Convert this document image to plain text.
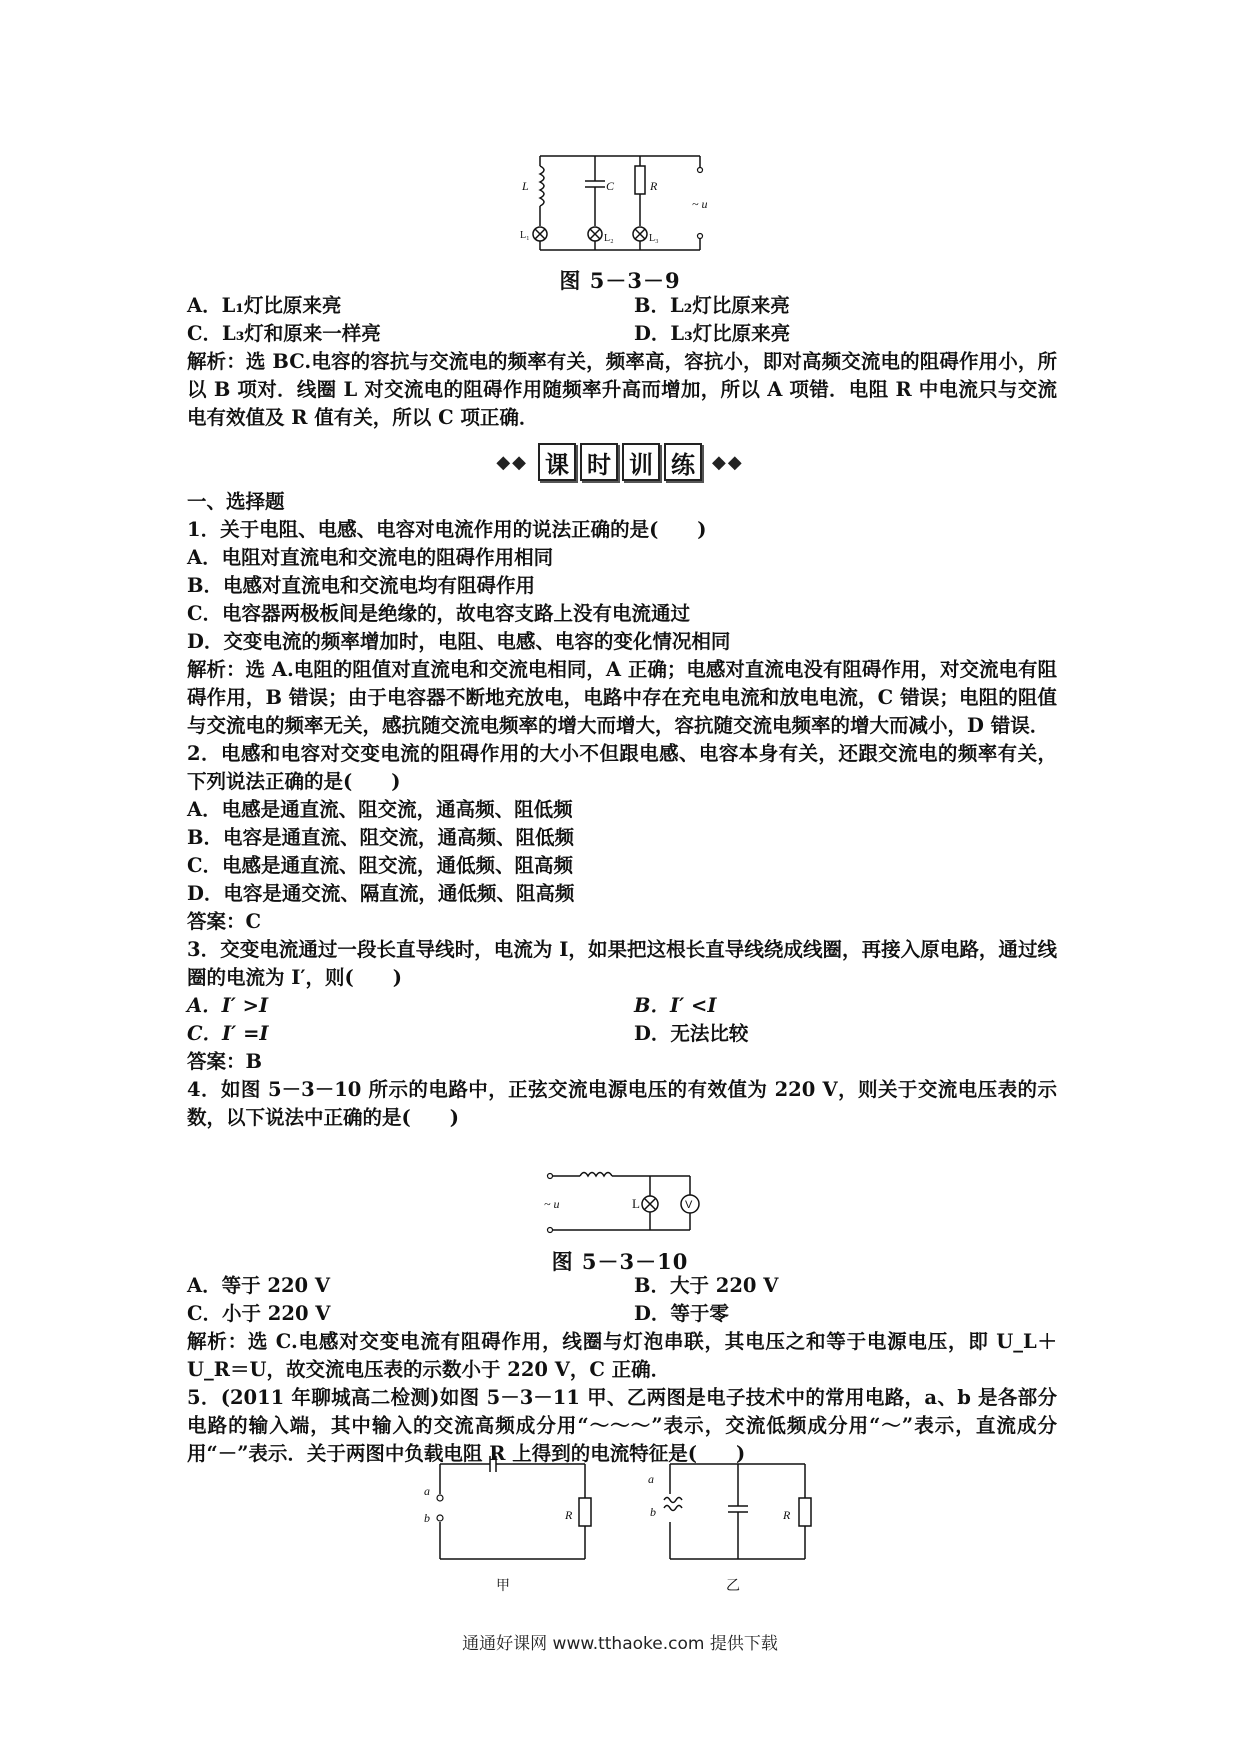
L	C	R
~ u
L₁	L₂	L₃
图 5－3－9
A．L₁灯比原来亮	B．L₂灯比原来亮
C．L₃灯和原来一样亮	D．L₃灯比原来亮
解析：选 BC.电容的容抗与交流电的频率有关，频率高，容抗小，即对高频交流电的阻碍作用小，所以 B 项对．线圈 L 对交流电的阻碍作用随频率升高而增加，所以 A 项错．电阻 R 中电流只与交流电有效值及 R 值有关，所以 C 项正确．
◆◆ 课 时 训 练 ◆◆
一、选择题
1．关于电阻、电感、电容对电流作用的说法正确的是(　　)
A．电阻对直流电和交流电的阻碍作用相同
B．电感对直流电和交流电均有阻碍作用
C．电容器两极板间是绝缘的，故电容支路上没有电流通过
D．交变电流的频率增加时，电阻、电感、电容的变化情况相同
解析：选 A.电阻的阻值对直流电和交流电相同，A 正确；电感对直流电没有阻碍作用，对交流电有阻碍作用，B 错误；由于电容器不断地充放电，电路中存在充电电流和放电电流，C 错误；电阻的阻值与交流电的频率无关，感抗随交流电频率的增大而增大，容抗随交流电频率的增大而减小，D 错误．
2．电感和电容对交变电流的阻碍作用的大小不但跟电感、电容本身有关，还跟交流电的频率有关，下列说法正确的是(　　)
A．电感是通直流、阻交流，通高频、阻低频
B．电容是通直流、阻交流，通高频、阻低频
C．电感是通直流、阻交流，通低频、阻高频
D．电容是通交流、隔直流，通低频、阻高频
答案：C
3．交变电流通过一段长直导线时，电流为 I，如果把这根长直导线绕成线圈，再接入原电路，通过线圈的电流为 I′，则(　　)
A．I′ >I	B．I′ <I
C．I′ =I	D．无法比较
答案：B
4．如图 5－3－10 所示的电路中，正弦交流电源电压的有效值为 220 V，则关于交流电压表的示数，以下说法中正确的是(　　)
~ u	L	V
图 5－3－10
A．等于 220 V	B．大于 220 V
C．小于 220 V	D．等于零
解析：选 C.电感对交变电流有阻碍作用，线圈与灯泡串联，其电压之和等于电源电压，即 U_L＋U_R＝U，故交流电压表的示数小于 220 V，C 正确．
5．(2011 年聊城高二检测)如图 5－3－11 甲、乙两图是电子技术中的常用电路，a、b 是各部分电路的输入端，其中输入的交流高频成分用“～～～”表示，交流低频成分用“～”表示，直流成分用“－”表示．关于两图中负载电阻 R 上得到的电流特征是(　　)
a
b	R
甲
a
b	R
乙
通通好课网 www.tthaoke.com 提供下载
